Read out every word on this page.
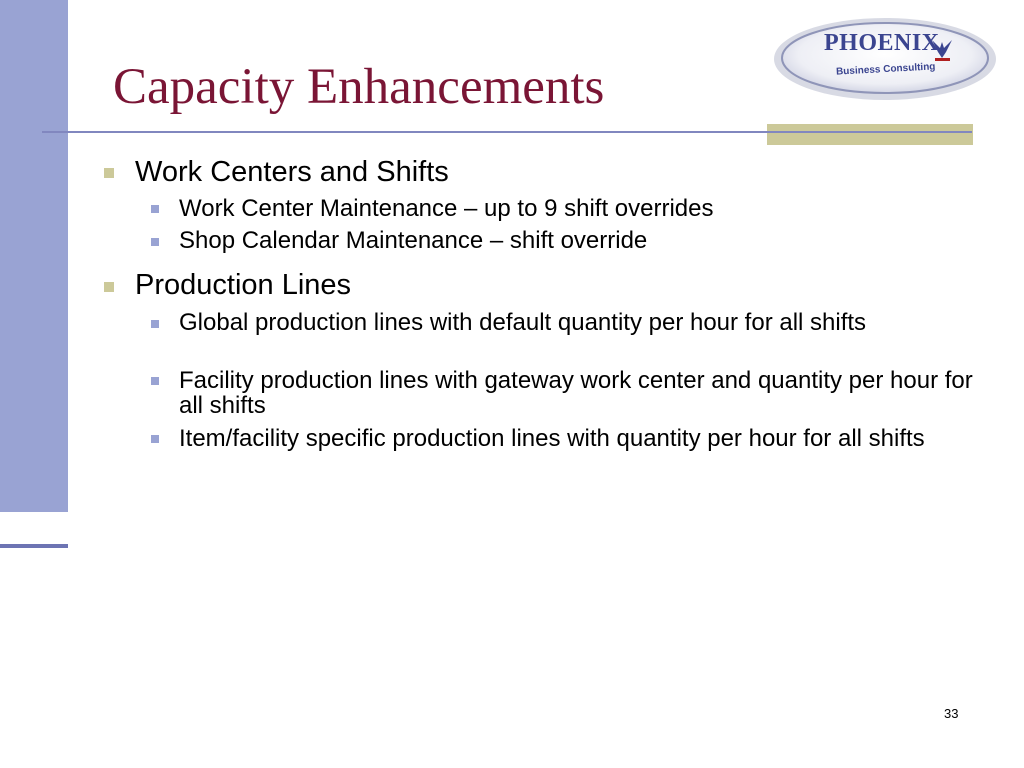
Capacity Enhancements
PHOENIX
Business Consulting
Work Centers and Shifts
Work Center Maintenance – up to 9 shift overrides
Shop Calendar Maintenance – shift override
Production Lines
Global production lines with default quantity per hour for all shifts
Facility production lines with gateway work center and quantity per hour for all shifts
Item/facility specific production lines with quantity per hour for all shifts
33
